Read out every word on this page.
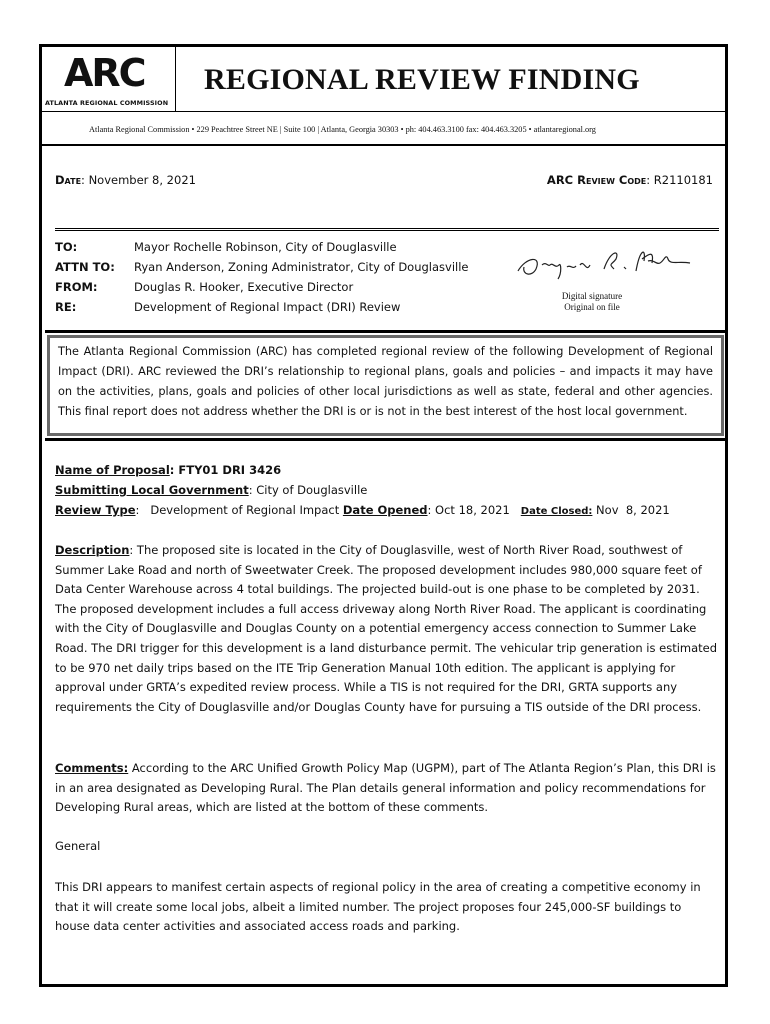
ARC
ATLANTA REGIONAL COMMISSION
REGIONAL REVIEW FINDING
Atlanta Regional Commission • 229 Peachtree Street NE | Suite 100 | Atlanta, Georgia 30303 • ph: 404.463.3100 fax: 404.463.3205 • atlantaregional.org
Date: November 8, 2021	ARC Review Code: R2110181
TO:	Mayor Rochelle Robinson, City of Douglasville
ATTN TO:	Ryan Anderson, Zoning Administrator, City of Douglasville
FROM:	Douglas R. Hooker, Executive Director
RE:	Development of Regional Impact (DRI) Review
Digital signature
Original on file
The Atlanta Regional Commission (ARC) has completed regional review of the following Development of Regional Impact (DRI). ARC reviewed the DRI’s relationship to regional plans, goals and policies – and impacts it may have on the activities, plans, goals and policies of other local jurisdictions as well as state, federal and other agencies. This final report does not address whether the DRI is or is not in the best interest of the host local government.
Name of Proposal: FTY01 DRI 3426
Submitting Local Government: City of Douglasville
Review Type:   Development of Regional Impact Date Opened: Oct 18, 2021   Date Closed: Nov  8, 2021
Description: The proposed site is located in the City of Douglasville, west of North River Road, southwest of Summer Lake Road and north of Sweetwater Creek. The proposed development includes 980,000 square feet of Data Center Warehouse across 4 total buildings. The projected build-out is one phase to be completed by 2031. The proposed development includes a full access driveway along North River Road. The applicant is coordinating with the City of Douglasville and Douglas County on a potential emergency access connection to Summer Lake Road. The DRI trigger for this development is a land disturbance permit. The vehicular trip generation is estimated to be 970 net daily trips based on the ITE Trip Generation Manual 10th edition. The applicant is applying for approval under GRTA’s expedited review process. While a TIS is not required for the DRI, GRTA supports any requirements the City of Douglasville and/or Douglas County have for pursuing a TIS outside of the DRI process.
Comments: According to the ARC Unified Growth Policy Map (UGPM), part of The Atlanta Region’s Plan, this DRI is in an area designated as Developing Rural. The Plan details general information and policy recommendations for Developing Rural areas, which are listed at the bottom of these comments.
General
This DRI appears to manifest certain aspects of regional policy in the area of creating a competitive economy in that it will create some local jobs, albeit a limited number. The project proposes four 245,000-SF buildings to house data center activities and associated access roads and parking.
